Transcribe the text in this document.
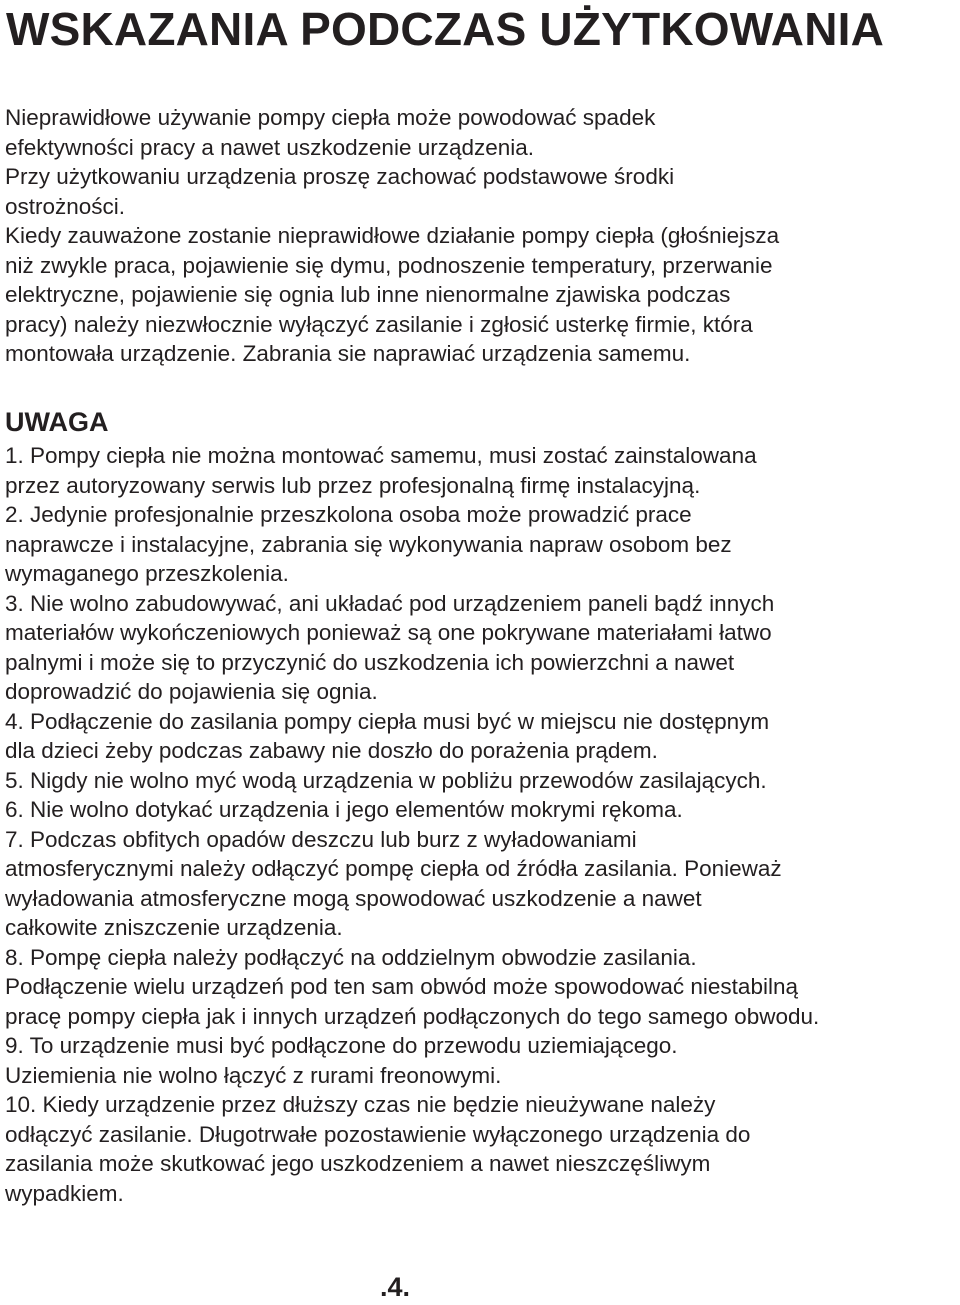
WSKAZANIA PODCZAS UŻYTKOWANIA
Nieprawidłowe używanie pompy ciepła może powodować spadek
efektywności pracy a nawet uszkodzenie urządzenia.
Przy użytkowaniu urządzenia proszę zachować podstawowe środki
ostrożności.
Kiedy zauważone zostanie nieprawidłowe działanie pompy ciepła (głośniejsza
niż zwykle praca, pojawienie się dymu, podnoszenie temperatury, przerwanie
elektryczne, pojawienie się ognia lub inne nienormalne zjawiska podczas
pracy) należy niezwłocznie wyłączyć zasilanie i zgłosić usterkę firmie, która
montowała urządzenie. Zabrania sie naprawiać urządzenia samemu.
UWAGA
1. Pompy ciepła nie można montować samemu, musi zostać zainstalowana
przez autoryzowany serwis lub przez profesjonalną firmę instalacyjną.
2. Jedynie profesjonalnie przeszkolona osoba może prowadzić prace
naprawcze i instalacyjne, zabrania się wykonywania napraw osobom bez
wymaganego przeszkolenia.
3. Nie wolno zabudowywać, ani układać pod urządzeniem paneli bądź innych
materiałów wykończeniowych ponieważ są one pokrywane materiałami łatwo
palnymi i może się to przyczynić do uszkodzenia ich powierzchni a nawet
doprowadzić do pojawienia się ognia.
4. Podłączenie do zasilania pompy ciepła musi być w miejscu nie dostępnym
dla dzieci żeby podczas zabawy nie doszło do porażenia prądem.
5. Nigdy nie wolno myć wodą urządzenia w pobliżu przewodów zasilających.
6. Nie wolno dotykać urządzenia i jego elementów mokrymi rękoma.
7. Podczas obfitych opadów deszczu lub burz z wyładowaniami
atmosferycznymi należy odłączyć pompę ciepła od źródła zasilania. Ponieważ
wyładowania atmosferyczne mogą spowodować uszkodzenie a nawet
całkowite zniszczenie urządzenia.
8. Pompę ciepła należy podłączyć na oddzielnym obwodzie zasilania.
Podłączenie wielu urządzeń pod ten sam obwód może spowodować niestabilną
pracę pompy ciepła jak i innych urządzeń podłączonych do tego samego obwodu.
9. To urządzenie musi być podłączone do przewodu uziemiającego.
Uziemienia nie wolno łączyć z rurami freonowymi.
10. Kiedy urządzenie przez dłuższy czas nie będzie nieużywane należy
odłączyć zasilanie. Długotrwałe pozostawienie wyłączonego urządzenia do
zasilania może skutkować jego uszkodzeniem a nawet nieszczęśliwym
wypadkiem.
.4.
